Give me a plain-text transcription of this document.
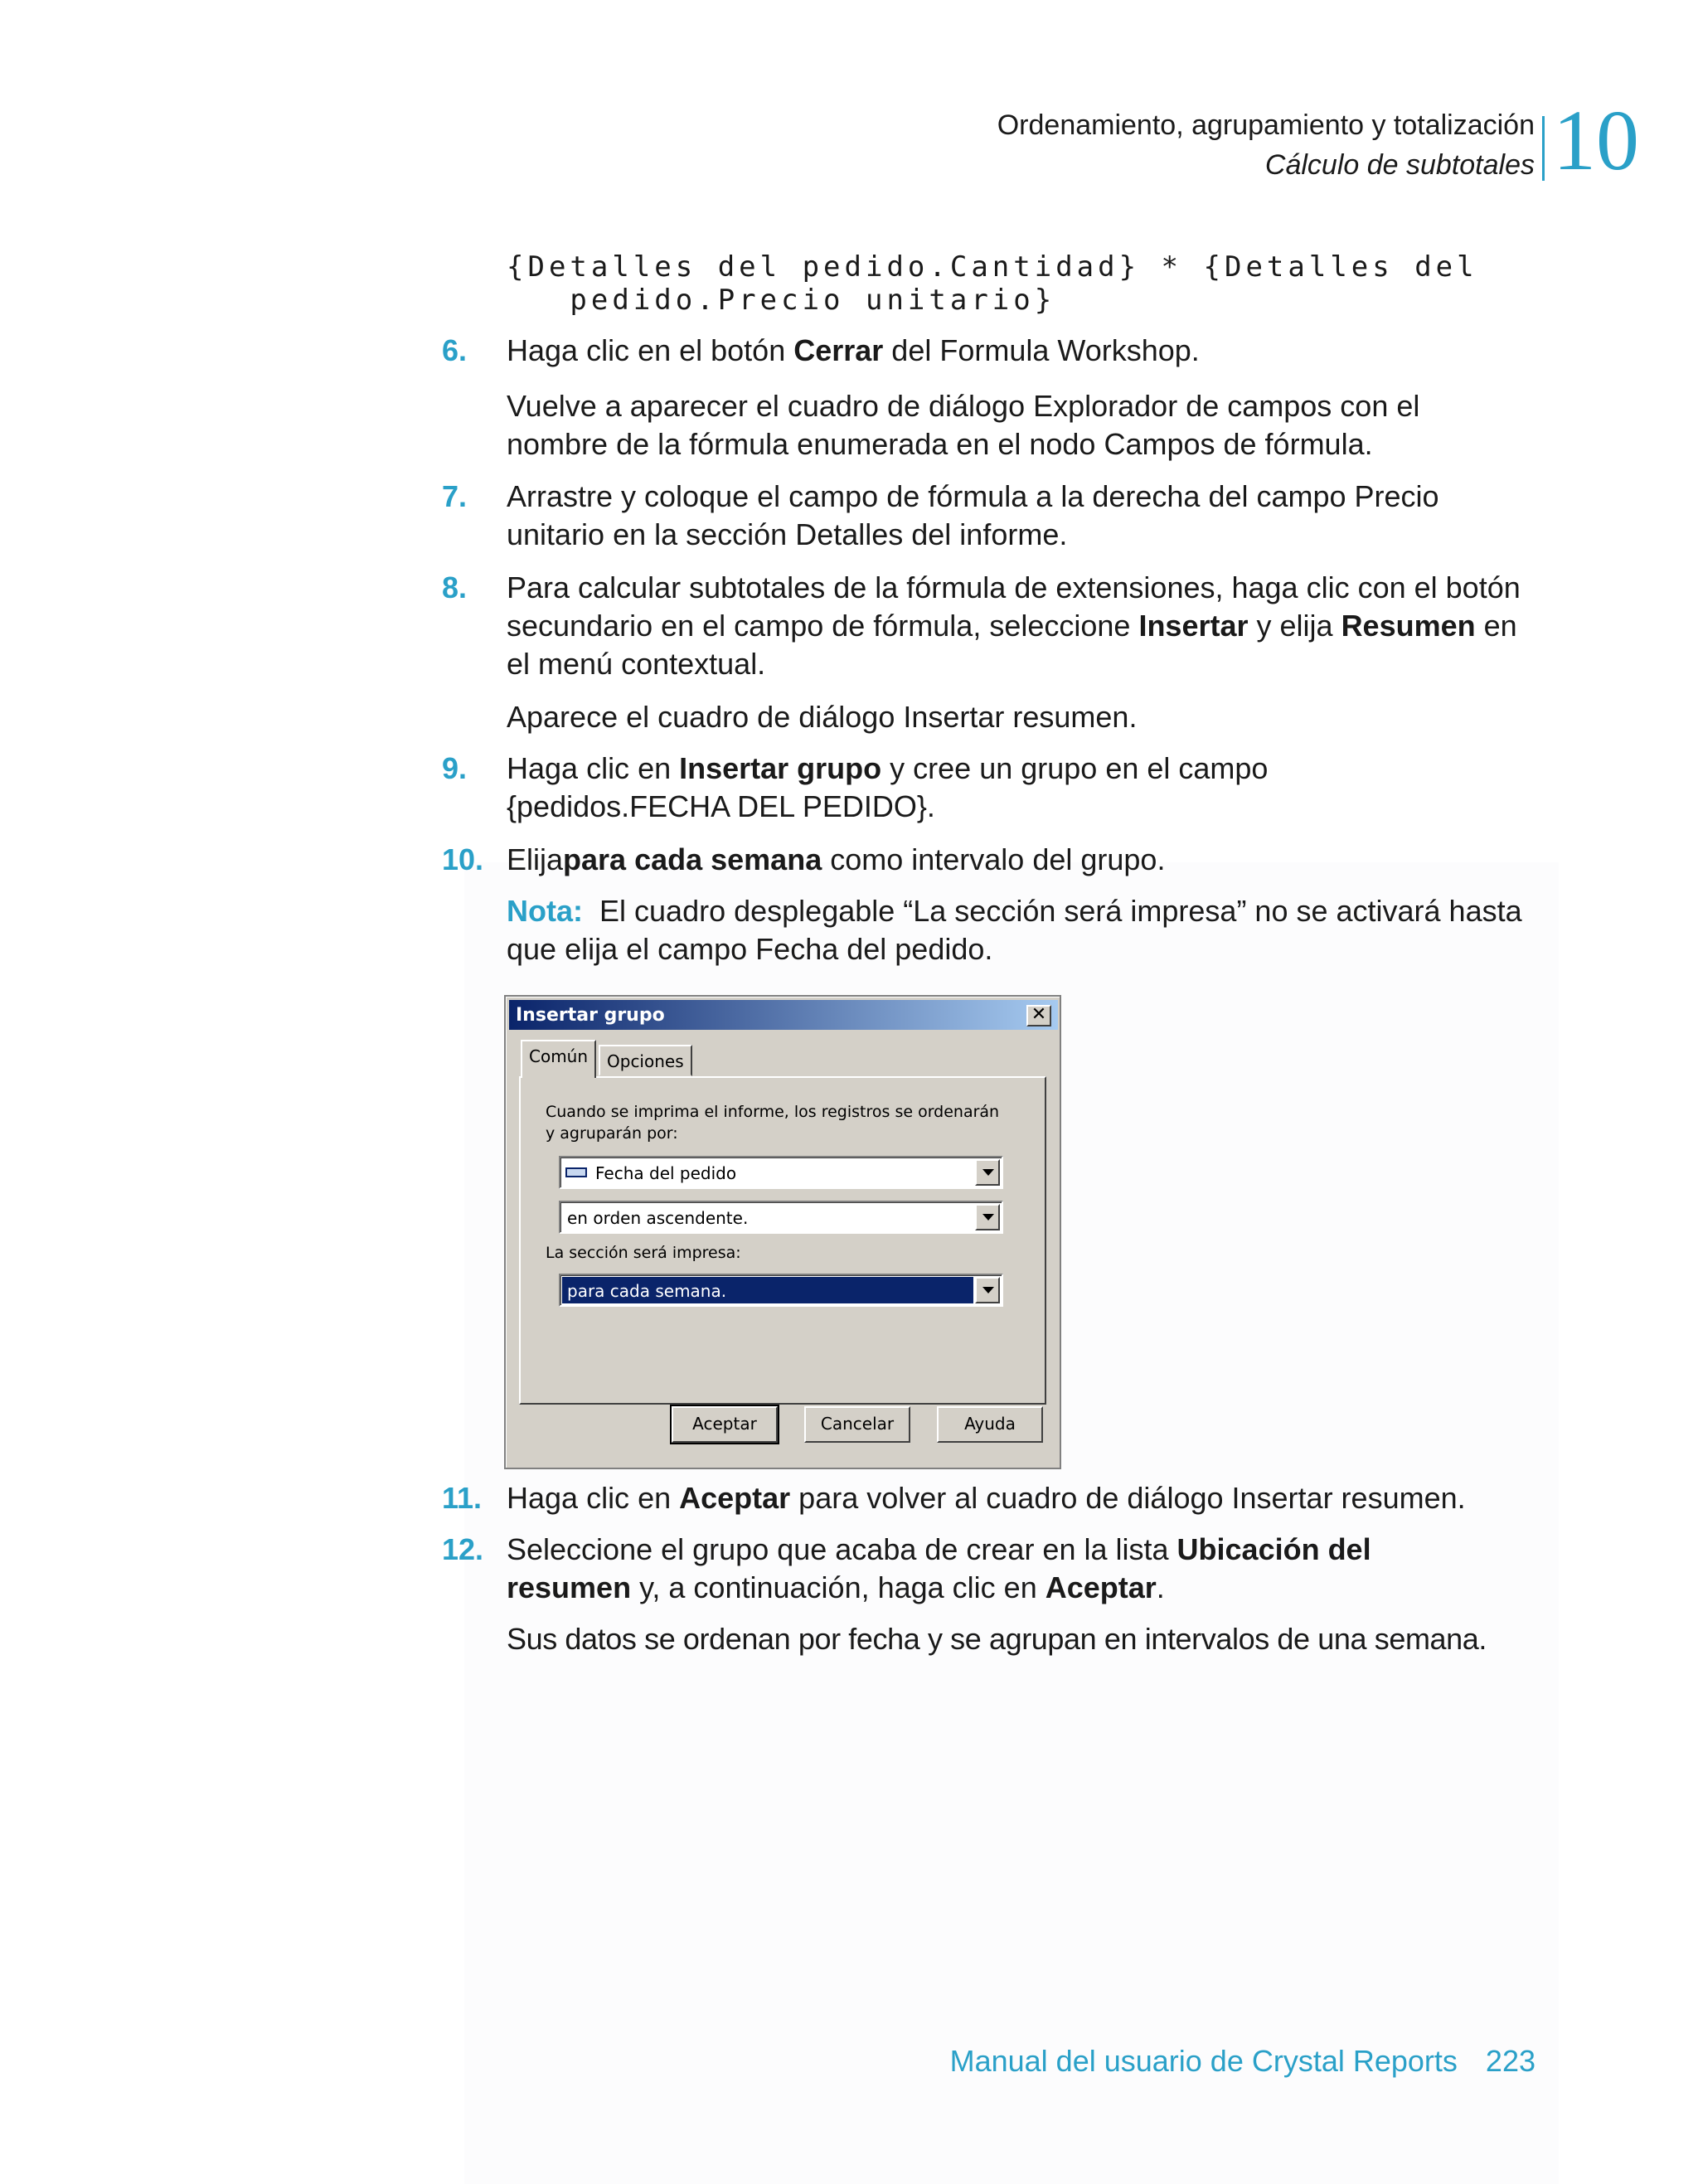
Ordenamiento, agrupamiento y totalización
Cálculo de subtotales 10
{Detalles del pedido.Cantidad} * {Detalles del
pedido.Precio unitario}
6. Haga clic en el botón Cerrar del Formula Workshop.
Vuelve a aparecer el cuadro de diálogo Explorador de campos con el nombre de la fórmula enumerada en el nodo Campos de fórmula.
7. Arrastre y coloque el campo de fórmula a la derecha del campo Precio unitario en la sección Detalles del informe.
8. Para calcular subtotales de la fórmula de extensiones, haga clic con el botón secundario en el campo de fórmula, seleccione Insertar y elija Resumen en el menú contextual.
Aparece el cuadro de diálogo Insertar resumen.
9. Haga clic en Insertar grupo y cree un grupo en el campo {pedidos.FECHA DEL PEDIDO}.
10. Elijapara cada semana como intervalo del grupo.
Nota: El cuadro desplegable “La sección será impresa” no se activará hasta que elija el campo Fecha del pedido.
Insertar grupo	✕
Cuando se imprima el informe, los registros se ordenarán y agruparán por:
Fecha del pedido
en orden ascendente.
La sección será impresa:
para cada semana.
Común	Opciones
Aceptar	Cancelar	Ayuda
11. Haga clic en Aceptar para volver al cuadro de diálogo Insertar resumen.
12. Seleccione el grupo que acaba de crear en la lista Ubicación del resumen y, a continuación, haga clic en Aceptar.
Sus datos se ordenan por fecha y se agrupan en intervalos de una semana.
Manual del usuario de Crystal Reports 223
